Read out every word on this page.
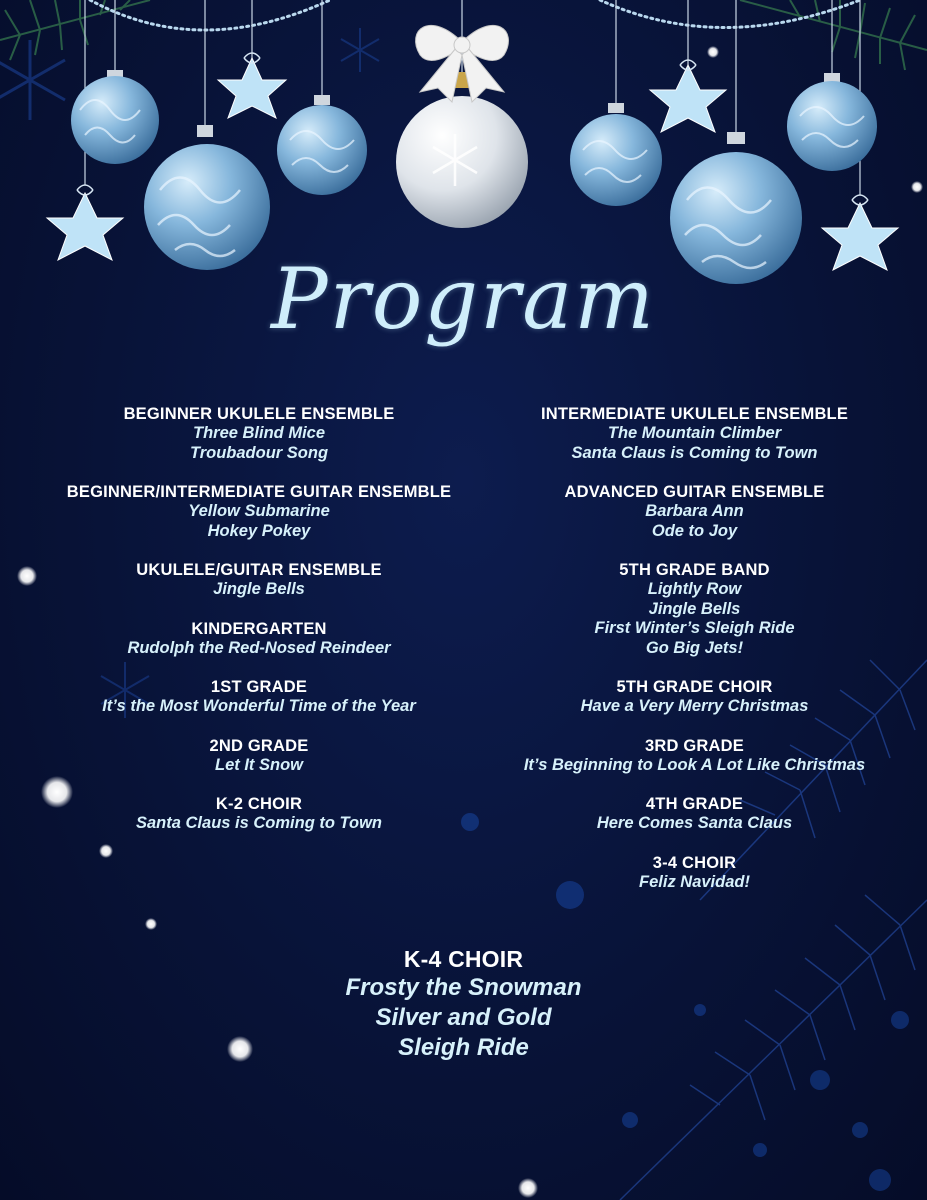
Program
BEGINNER UKULELE ENSEMBLE
Three Blind Mice
Troubadour Song
BEGINNER/INTERMEDIATE GUITAR ENSEMBLE
Yellow Submarine
Hokey Pokey
UKULELE/GUITAR ENSEMBLE
Jingle Bells
KINDERGARTEN
Rudolph the Red-Nosed Reindeer
1ST GRADE
It’s the Most Wonderful Time of the Year
2ND GRADE
Let It Snow
K-2 CHOIR
Santa Claus is Coming to Town
INTERMEDIATE UKULELE ENSEMBLE
The Mountain Climber
Santa Claus is Coming to Town
ADVANCED GUITAR ENSEMBLE
Barbara Ann
Ode to Joy
5TH GRADE BAND
Lightly Row
Jingle Bells
First Winter’s Sleigh Ride
Go Big Jets!
5TH GRADE CHOIR
Have a Very Merry Christmas
3RD GRADE
It’s Beginning to Look A Lot Like Christmas
4TH GRADE
Here Comes Santa Claus
3-4 CHOIR
Feliz Navidad!
K-4 CHOIR
Frosty the Snowman
Silver and Gold
Sleigh Ride
